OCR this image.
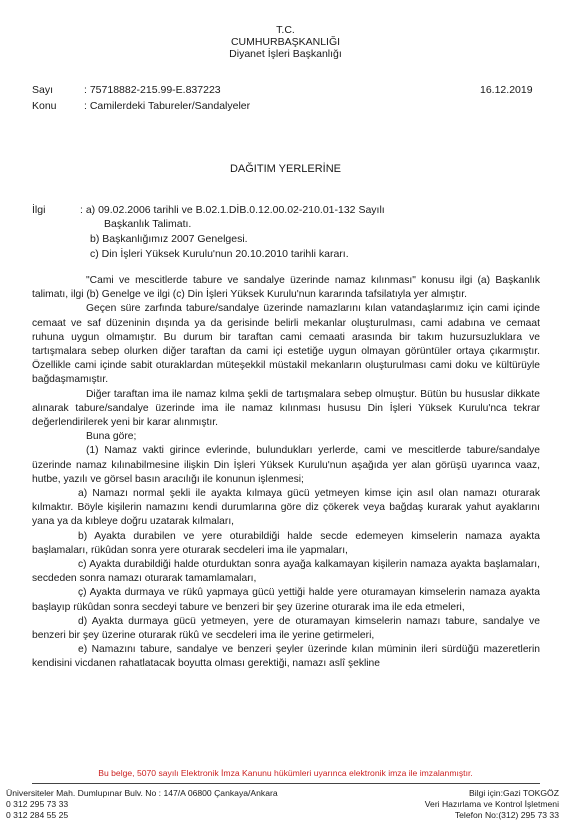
T.C.
CUMHURBAŞKANLIĞI
Diyanet İşleri Başkanlığı
Sayı	: 75718882-215.99-E.837223	16.12.2019
Konu	: Camilerdeki Tabureler/Sandalyeler
DAĞITIM YERLERİNE
İlgi	: a) 09.02.2006 tarihli ve B.02.1.DİB.0.12.00.02-210.01-132 Sayılı
Başkanlık Talimatı.
b) Başkanlığımız 2007 Genelgesi.
c) Din İşleri Yüksek Kurulu'nun 20.10.2010 tarihli kararı.

"Cami ve mescitlerde tabure ve sandalye üzerinde namaz kılınması" konusu ilgi (a) Başkanlık talimatı, ilgi (b) Genelge ve ilgi (c) Din İşleri Yüksek Kurulu'nun kararında tafsilatıyla yer almıştır.

Geçen süre zarfında tabure/sandalye üzerinde namazlarını kılan vatandaşlarımız için cami içinde cemaat ve saf düzeninin dışında ya da gerisinde belirli mekanlar oluşturulması, cami adabına ve cemaat ruhuna uygun olmamıştır. Bu durum bir taraftan cami cemaati arasında bir takım huzursuzluklara ve tartışmalara sebep olurken diğer taraftan da cami içi estetiğe uygun olmayan görüntüler ortaya çıkarmıştır. Özellikle cami içinde sabit oturaklardan müteşekkil müstakil mekanların oluşturulması cami doku ve kültürüyle bağdaşmamıştır.

Diğer taraftan ima ile namaz kılma şekli de tartışmalara sebep olmuştur. Bütün bu hususlar dikkate alınarak tabure/sandalye üzerinde ima ile namaz kılınması hususu Din İşleri Yüksek Kurulu'nca tekrar değerlendirilerek yeni bir karar alınmıştır.

Buna göre;

(1) Namaz vakti girince evlerinde, bulundukları yerlerde, cami ve mescitlerde tabure/sandalye üzerinde namaz kılınabilmesine ilişkin Din İşleri Yüksek Kurulu'nun aşağıda yer alan görüşü uyarınca vaaz, hutbe, yazılı ve görsel basın aracılığı ile konunun işlenmesi;

a) Namazı normal şekli ile ayakta kılmaya gücü yetmeyen kimse için asıl olan namazı oturarak kılmaktır. Böyle kişilerin namazını kendi durumlarına göre diz çökerek veya bağdaş kurarak yahut ayaklarını yana ya da kıbleye doğru uzatarak kılmaları,

b) Ayakta durabilen ve yere oturabildiği halde secde edemeyen kimselerin namaza ayakta başlamaları, rükûdan sonra yere oturarak secdeleri ima ile yapmaları,

c) Ayakta durabildiği halde oturduktan sonra ayağa kalkamayan kişilerin namaza ayakta başlamaları, secdeden sonra namazı oturarak tamamlamaları,

ç) Ayakta durmaya ve rükû yapmaya gücü yettiği halde yere oturamayan kimselerin namaza ayakta başlayıp rükûdan sonra secdeyi tabure ve benzeri bir şey üzerine oturarak ima ile eda etmeleri,

d) Ayakta durmaya gücü yetmeyen, yere de oturamayan kimselerin namazı tabure, sandalye ve benzeri bir şey üzerine oturarak rükû ve secdeleri ima ile yerine getirmeleri,

e) Namazını tabure, sandalye ve benzeri şeyler üzerinde kılan müminin ileri sürdüğü mazeretlerin kendisini vicdanen rahatlatacak boyutta olması gerektiği, namazı aslî şekline

Bu belge, 5070 sayılı Elektronik İmza Kanunu hükümleri uyarınca elektronik imza ile imzalanmıştır.
Üniversiteler Mah. Dumlupınar Bulv. No : 147/A 06800 Çankaya/Ankara
0 312 295 73 33
0 312 284 55 25
Bilgi için:Gazi TOKGÖZ
Veri Hazırlama ve Kontrol İşletmeni
Telefon No:(312) 295 73 33
